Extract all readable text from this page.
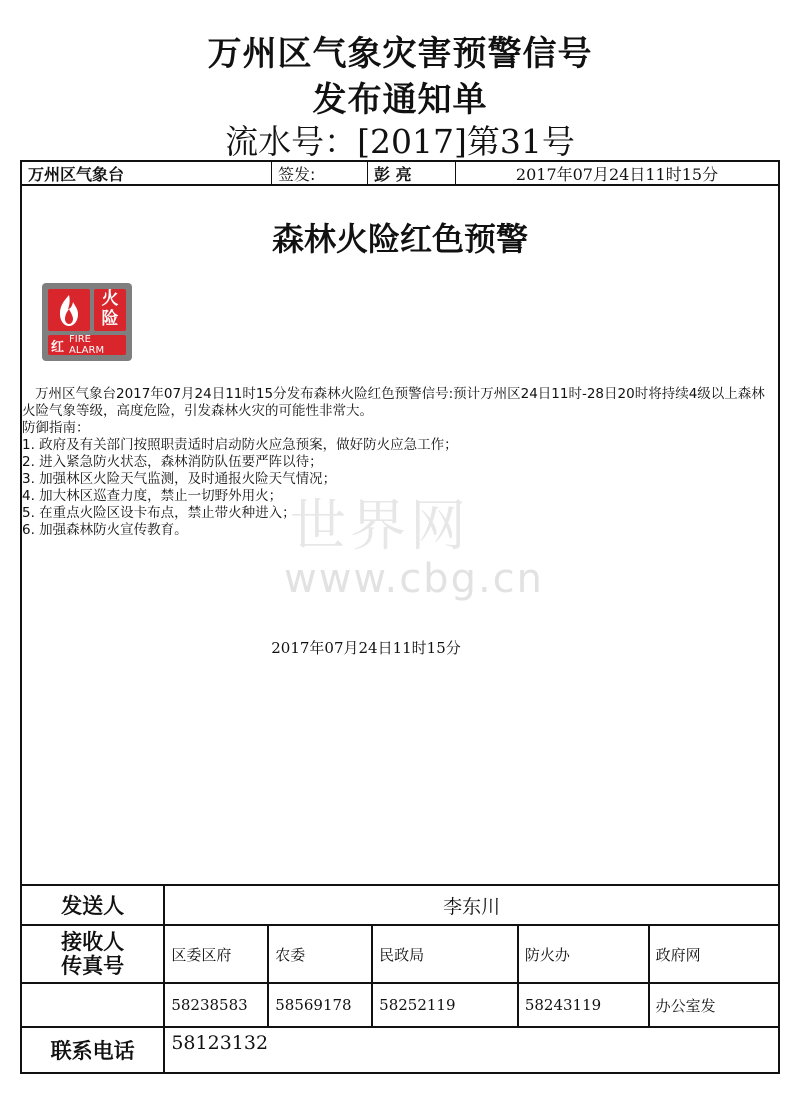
万州区气象灾害预警信号
发布通知单
流水号：[2017]第31号
万州区气象台	签发:	彭 亮	2017年07月24日11时15分
森林火险红色预警
火险
红 FIRE ALARM
世界网
www.cbg.cn

万州区气象台2017年07月24日11时15分发布森林火险红色预警信号:预计万州区24日11时-28日20时将持续4级以上森林火险气象等级，高度危险，引发森林火灾的可能性非常大。

防御指南：

1. 政府及有关部门按照职责适时启动防火应急预案，做好防火应急工作；

2. 进入紧急防火状态，森林消防队伍要严阵以待；

3. 加强林区火险天气监测，及时通报火险天气情况；

4. 加大林区巡查力度，禁止一切野外用火；

5. 在重点火险区设卡布点，禁止带火种进入；

6. 加强森林防火宣传教育。

2017年07月24日11时15分
发送人	李东川				
接收人
传真号	区委区府	农委	民政局	防火办	政府网
	58238583	58569178	58252119	58243119	办公室发
联系电话	58123132				
